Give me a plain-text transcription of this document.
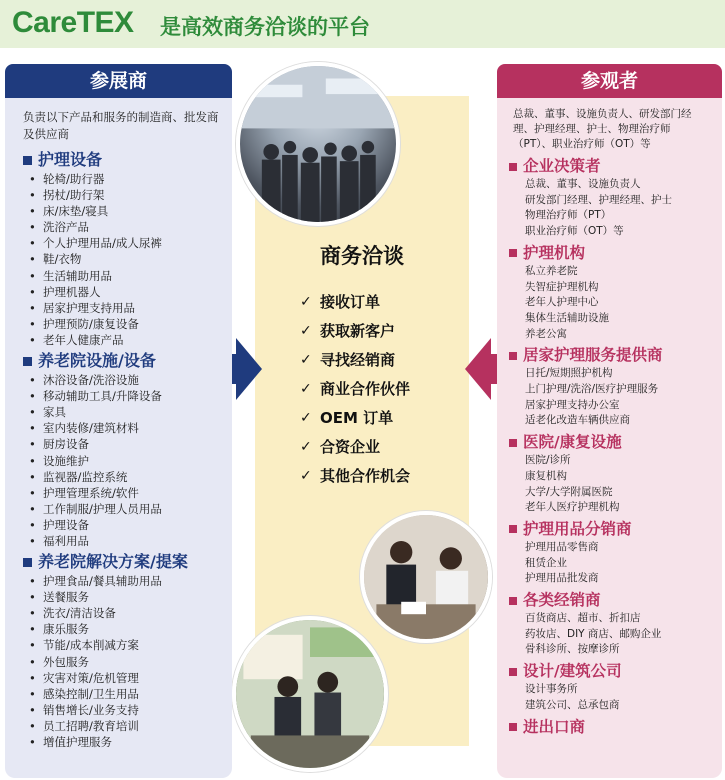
CareTEX 是高效商务洽谈的平台
商务洽谈
✓ 接收订单
✓ 获取新客户
✓ 寻找经销商
✓ 商业合作伙伴
✓ OEM 订单
✓ 合资企业
✓ 其他合作机会
参展商
负责以下产品和服务的制造商、批发商及供应商
护理设备
• 轮椅/助行器
• 拐杖/助行架
• 床/床垫/寝具
• 洗浴产品
• 个人护理用品/成人尿裤
• 鞋/衣物
• 生活辅助用品
• 护理机器人
• 居家护理支持用品
• 护理预防/康复设备
• 老年人健康产品
养老院设施/设备
• 沐浴设备/洗浴设施
• 移动辅助工具/升降设备
• 家具
• 室内装修/建筑材料
• 厨房设备
• 设施维护
• 监视器/监控系统
• 护理管理系统/软件
• 工作制服/护理人员用品
• 护理设备
• 福利用品
养老院解决方案/提案
• 护理食品/餐具辅助用品
• 送餐服务
• 洗衣/清洁设备
• 康乐服务
• 节能/成本削减方案
• 外包服务
• 灾害对策/危机管理
• 感染控制/卫生用品
• 销售增长/业务支持
• 员工招聘/教育培训
• 增值护理服务
参观者
总裁、董事、设施负责人、研发部门经
理、护理经理、护士、物理治疗师
（PT）、职业治疗师（OT）等
企业决策者
总裁、董事、设施负责人
研发部门经理、护理经理、护士
物理治疗师（PT）
职业治疗师（OT）等
护理机构
私立养老院
失智症护理机构
老年人护理中心
集体生活辅助设施
养老公寓
居家护理服务提供商
日托/短期照护机构
上门护理/洗浴/医疗护理服务
居家护理支持办公室
适老化改造车辆供应商
医院/康复设施
医院/诊所
康复机构
大学/大学附属医院
老年人医疗护理机构
护理用品分销商
护理用品零售商
租赁企业
护理用品批发商
各类经销商
百货商店、超市、折扣店
药妆店、DIY 商店、邮购企业
骨科诊所、按摩诊所
设计/建筑公司
设计事务所
建筑公司、总承包商
进出口商
